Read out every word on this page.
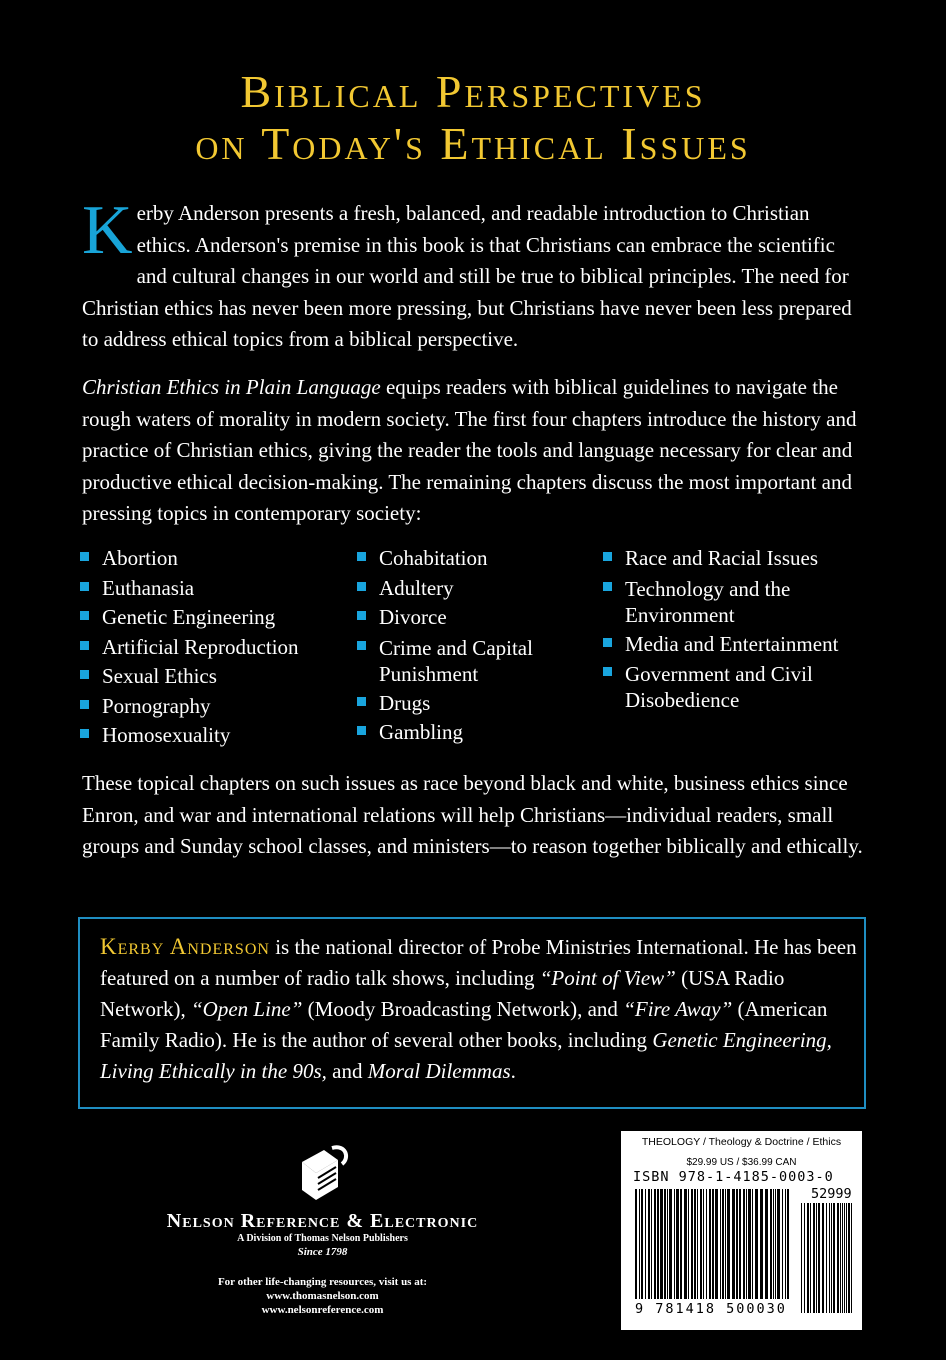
Biblical Perspectives
on Today's Ethical Issues
Kerby Anderson presents a fresh, balanced, and readable introduction to Christian ethics. Anderson's premise in this book is that Christians can embrace the scientific and cultural changes in our world and still be true to biblical principles. The need for Christian ethics has never been more pressing, but Christians have never been less prepared to address ethical topics from a biblical perspective.
Christian Ethics in Plain Language equips readers with biblical guidelines to navigate the rough waters of morality in modern society. The first four chapters introduce the history and practice of Christian ethics, giving the reader the tools and language necessary for clear and productive ethical decision-making. The remaining chapters discuss the most important and pressing topics in contemporary society:
Abortion
Euthanasia
Genetic Engineering
Artificial Reproduction
Sexual Ethics
Pornography
Homosexuality
Cohabitation
Adultery
Divorce
Crime and Capital Punishment
Drugs
Gambling
Race and Racial Issues
Technology and the Environment
Media and Entertainment
Government and Civil Disobedience
These topical chapters on such issues as race beyond black and white, business ethics since Enron, and war and international relations will help Christians—individual readers, small groups and Sunday school classes, and ministers—to reason together biblically and ethically.
Kerby Anderson is the national director of Probe Ministries International. He has been featured on a number of radio talk shows, including “Point of View” (USA Radio Network), “Open Line” (Moody Broadcasting Network), and “Fire Away” (American Family Radio). He is the author of several other books, including Genetic Engineering, Living Ethically in the 90s, and Moral Dilemmas.
Nelson Reference & Electronic
A Division of Thomas Nelson Publishers
Since 1798
For other life-changing resources, visit us at:
www.thomasnelson.com
www.nelsonreference.com
THEOLOGY / Theology & Doctrine / Ethics
$29.99 US / $36.99 CAN
ISBN 978-1-4185-0003-0
52999
9 781418 500030
